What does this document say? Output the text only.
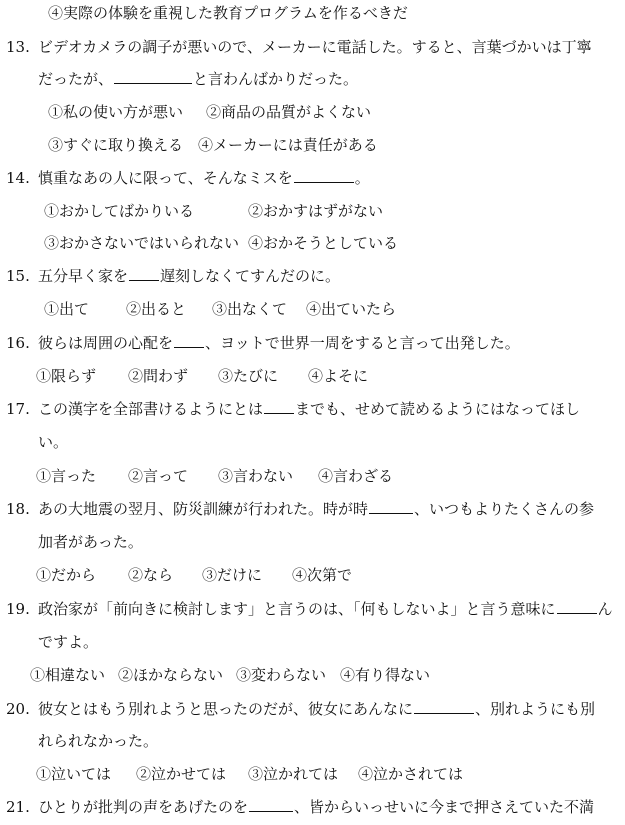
④実際の体験を重視した教育プログラムを作るべきだ
13. ビデオカメラの調子が悪いので、メーカーに電話した。すると、言葉づかいは丁寧
だったが、	と言わんばかりだった。
①私の使い方が悪い ②商品の品質がよくない
③すぐに取り換える ④メーカーには責任がある
14. 慎重なあの人に限って、そんなミスを	。
①おかしてばかりいる	②おかすはずがない
③おかさないではいられない ④おかそうとしている
15. 五分早く家を 遅刻しなくてすんだのに。
①出て ②出ると ③出なくて ④出ていたら
16. 彼らは周囲の心配を 、ヨットで世界一周をすると言って出発した。
①限らず ②問わず ③たびに ④よそに
17. この漢字を全部書けるようにとは までも、せめて読めるようにはなってほし
い。
①言った ②言って ③言わない ④言わざる
18. あの大地震の翌月、防災訓練が行われた。時が時	、いつもよりたくさんの参
加者があった。
①だから ②なら ③だけに ④次第で
19. 政治家が「前向きに検討します」と言うのは、「何もしないよ」と言う意味に	ん
ですよ。
①相違ない ②ほかならない ③変わらない ④有り得ない
20. 彼女とはもう別れようと思ったのだが、彼女にあんなに	、別れようにも別
れられなかった。
①泣いては ②泣かせては ③泣かれては ④泣かされては
21. ひとりが批判の声をあげたのを	、皆からいっせいに今まで押さえていた不満
